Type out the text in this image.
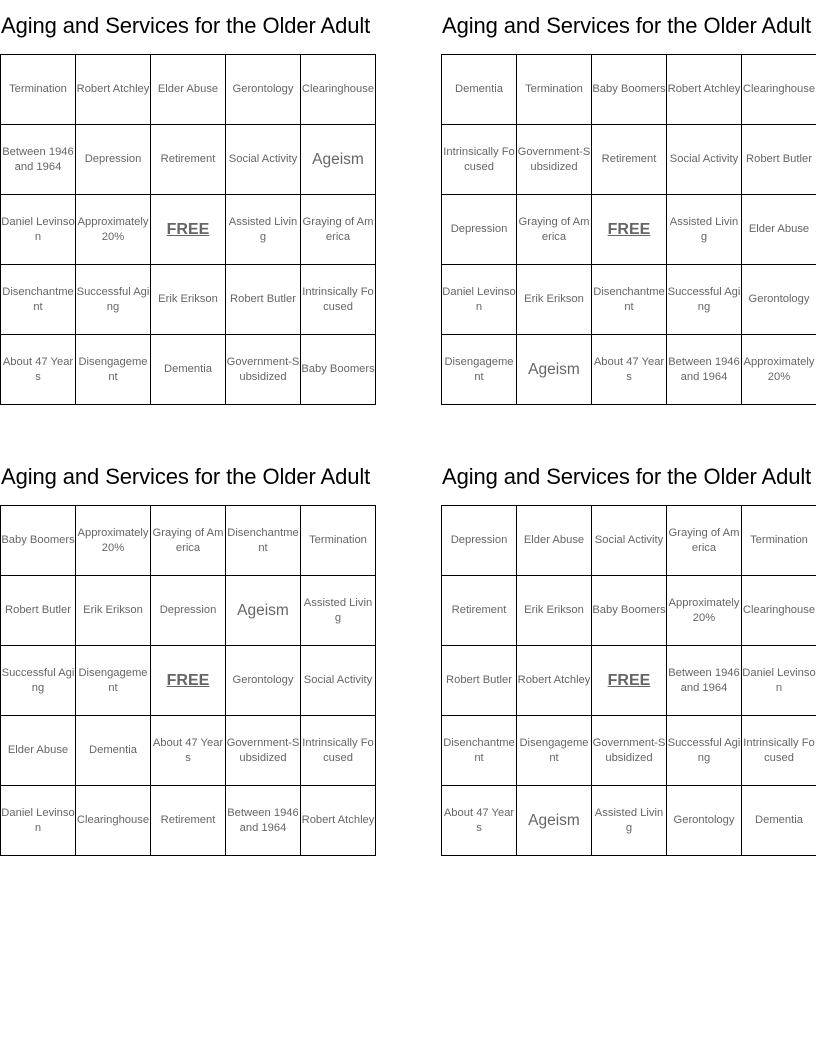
Aging and Services for the Older Adult
Termination	Robert Atchley	Elder Abuse	Gerontology	Clearinghouse
Between 1946 and 1964	Depression	Retirement	Social Activity	Ageism
Daniel Levinson	Approximately 20%	FREE	Assisted Living	Graying of America
Disenchantment	Successful Aging	Erik Erikson	Robert Butler	Intrinsically Focused
About 47 Years	Disengagement	Dementia	Government-Subsidized	Baby Boomers
Aging and Services for the Older Adult
Dementia	Termination	Baby Boomers	Robert Atchley	Clearinghouse
Intrinsically Focused	Government-Subsidized	Retirement	Social Activity	Robert Butler
Depression	Graying of America	FREE	Assisted Living	Elder Abuse
Daniel Levinson	Erik Erikson	Disenchantment	Successful Aging	Gerontology
Disengagement	Ageism	About 47 Years	Between 1946 and 1964	Approximately 20%
Aging and Services for the Older Adult
Baby Boomers	Approximately 20%	Graying of America	Disenchantment	Termination
Robert Butler	Erik Erikson	Depression	Ageism	Assisted Living
Successful Aging	Disengagement	FREE	Gerontology	Social Activity
Elder Abuse	Dementia	About 47 Years	Government-Subsidized	Intrinsically Focused
Daniel Levinson	Clearinghouse	Retirement	Between 1946 and 1964	Robert Atchley
Aging and Services for the Older Adult
Depression	Elder Abuse	Social Activity	Graying of America	Termination
Retirement	Erik Erikson	Baby Boomers	Approximately 20%	Clearinghouse
Robert Butler	Robert Atchley	FREE	Between 1946 and 1964	Daniel Levinson
Disenchantment	Disengagement	Government-Subsidized	Successful Aging	Intrinsically Focused
About 47 Years	Ageism	Assisted Living	Gerontology	Dementia
